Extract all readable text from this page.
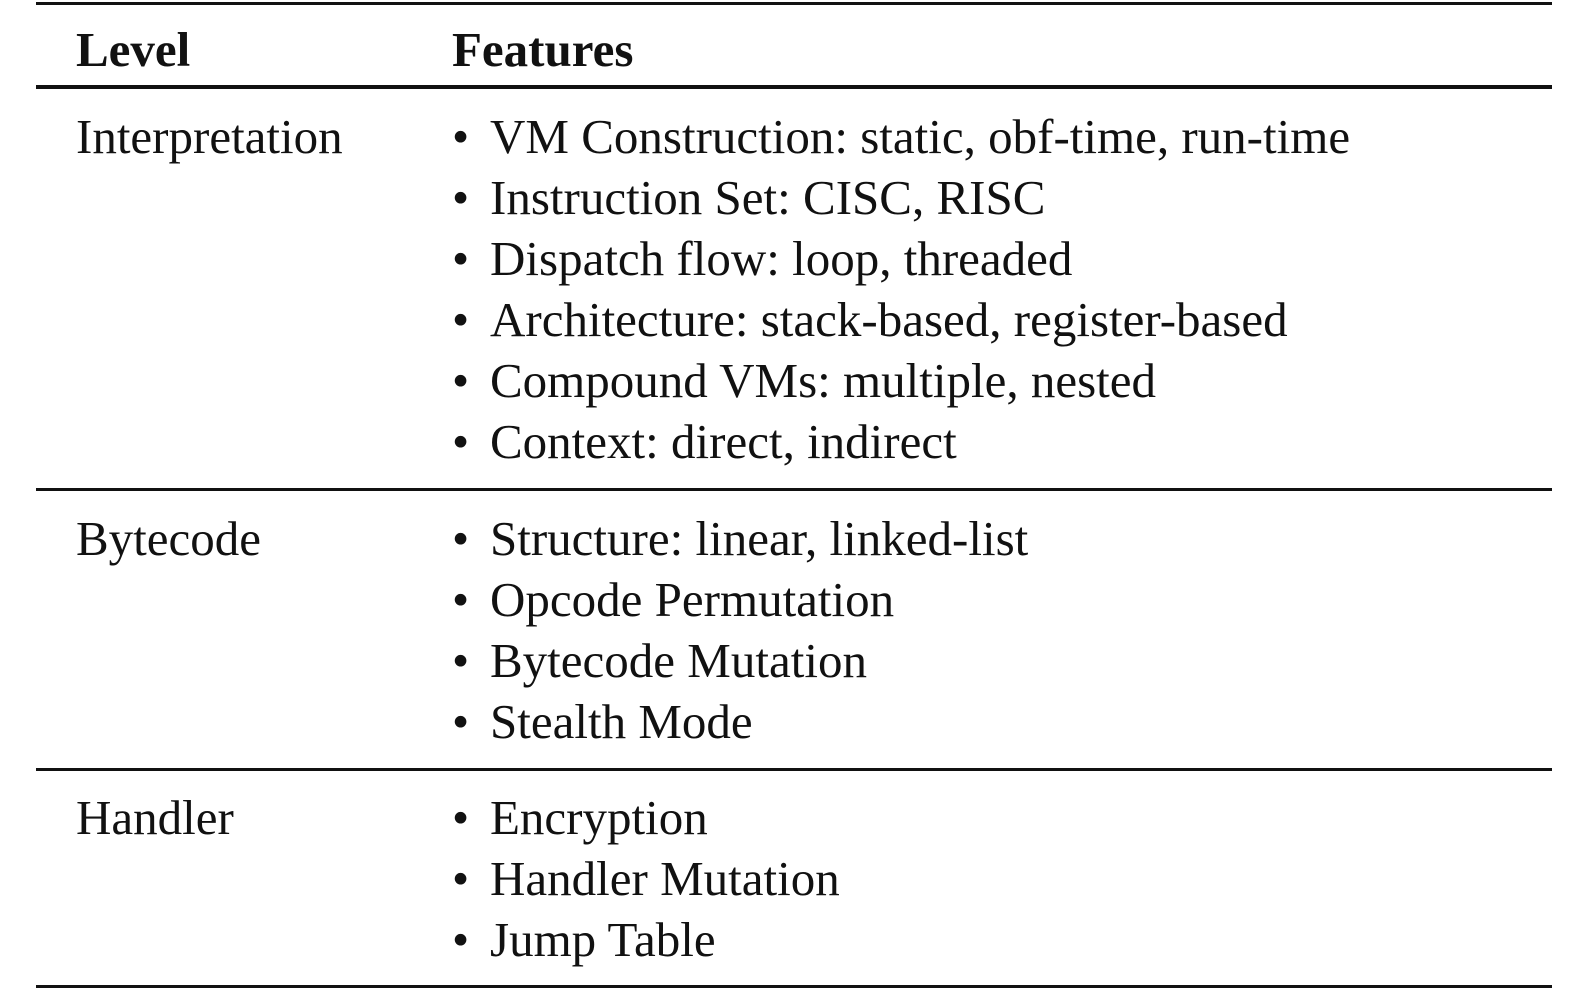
Level	Features
Interpretation • VM Construction: static, obf-time, run-time
• Instruction Set: CISC, RISC
• Dispatch flow: loop, threaded
• Architecture: stack-based, register-based
• Compound VMs: multiple, nested
• Context: direct, indirect
Bytecode	• Structure: linear, linked-list
• Opcode Permutation
• Bytecode Mutation
• Stealth Mode
Handler	• Encryption
• Handler Mutation
• Jump Table
